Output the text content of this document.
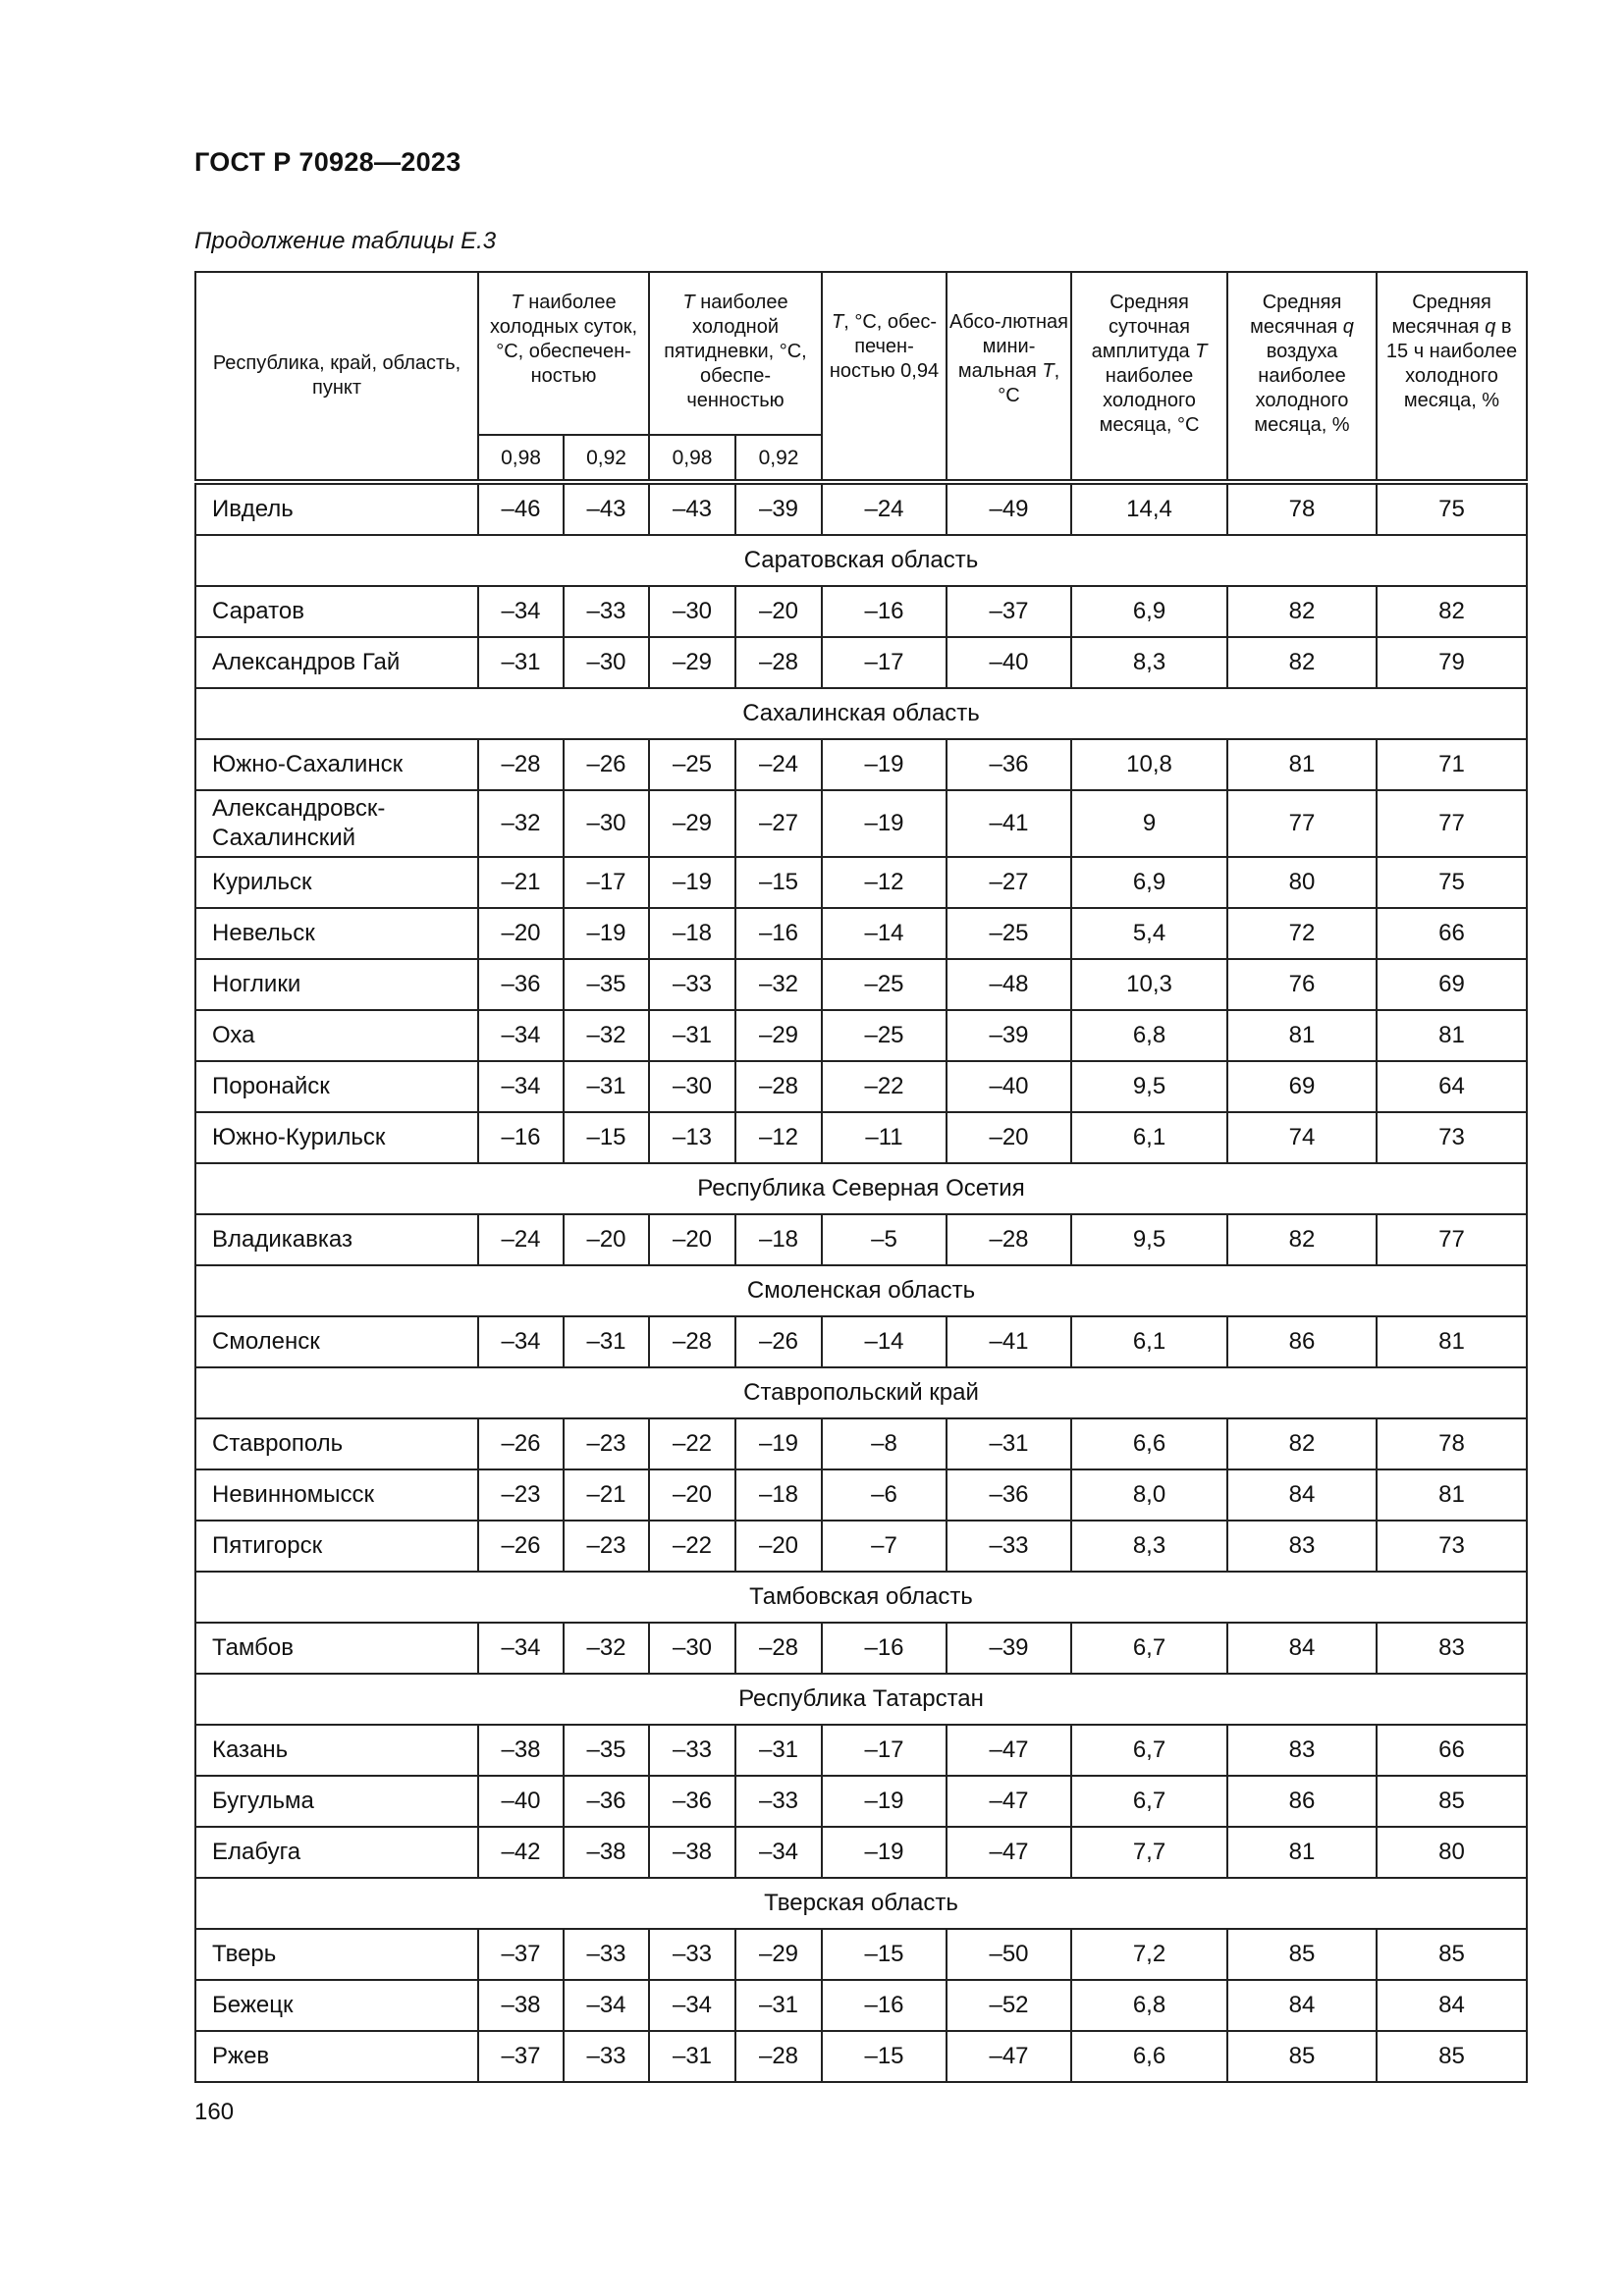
ГОСТ Р 70928—2023
Продолжение таблицы Е.3
Республика, край, область, пункт	T наиболее холодных суток, °С, обеспечен-ностью		T наиболее холодной пятидневки, °С, обеспе-ченностью		T, °С, обес-печен-ностью 0,94	Абсо-лютная мини-мальная T, °С	Средняя суточная амплитуда T наиболее холодного месяца, °С	Средняя месячная q воздуха наиболее холодного месяца, %	Средняя месячная q в 15 ч наиболее холодного месяца, %
	0,98	0,92	0,98	0,92					

Ивдель	–46	–43	–43	–39	–24	–49	14,4	78	75
Саратовская область									
Саратов	–34	–33	–30	–20	–16	–37	6,9	82	82
Александров Гай	–31	–30	–29	–28	–17	–40	8,3	82	79
Сахалинская область									
Южно-Сахалинск	–28	–26	–25	–24	–19	–36	10,8	81	71
Александровск-
Сахалинский	–32	–30	–29	–27	–19	–41	9	77	77
Курильск	–21	–17	–19	–15	–12	–27	6,9	80	75
Невельск	–20	–19	–18	–16	–14	–25	5,4	72	66
Ноглики	–36	–35	–33	–32	–25	–48	10,3	76	69
Оха	–34	–32	–31	–29	–25	–39	6,8	81	81
Поронайск	–34	–31	–30	–28	–22	–40	9,5	69	64
Южно-Курильск	–16	–15	–13	–12	–11	–20	6,1	74	73
Республика Северная Осетия									
Владикавказ	–24	–20	–20	–18	–5	–28	9,5	82	77
Смоленская область									
Смоленск	–34	–31	–28	–26	–14	–41	6,1	86	81
Ставропольский край									
Ставрополь	–26	–23	–22	–19	–8	–31	6,6	82	78
Невинномысск	–23	–21	–20	–18	–6	–36	8,0	84	81
Пятигорск	–26	–23	–22	–20	–7	–33	8,3	83	73
Тамбовская область									
Тамбов	–34	–32	–30	–28	–16	–39	6,7	84	83
Республика Татарстан									
Казань	–38	–35	–33	–31	–17	–47	6,7	83	66
Бугульма	–40	–36	–36	–33	–19	–47	6,7	86	85
Елабуга	–42	–38	–38	–34	–19	–47	7,7	81	80
Тверская область									
Тверь	–37	–33	–33	–29	–15	–50	7,2	85	85
Бежецк	–38	–34	–34	–31	–16	–52	6,8	84	84
Ржев	–37	–33	–31	–28	–15	–47	6,6	85	85
160
